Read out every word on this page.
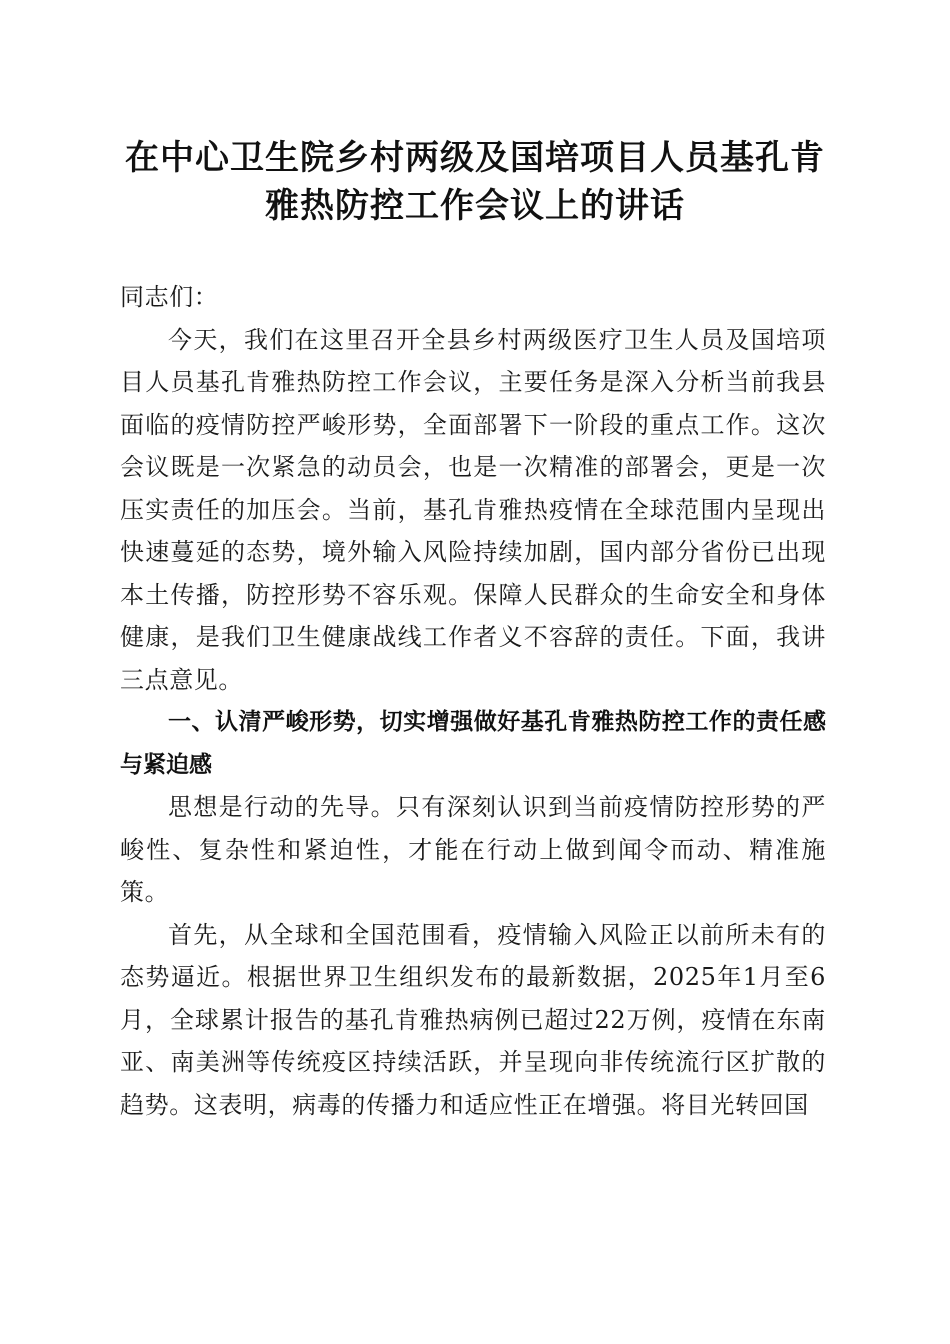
在中心卫生院乡村两级及国培项目人员基孔肯雅热防控工作会议上的讲话

同志们：

今天，我们在这里召开全县乡村两级医疗卫生人员及国培项目人员基孔肯雅热防控工作会议，主要任务是深入分析当前我县面临的疫情防控严峻形势，全面部署下一阶段的重点工作。这次会议既是一次紧急的动员会，也是一次精准的部署会，更是一次压实责任的加压会。当前，基孔肯雅热疫情在全球范围内呈现出快速蔓延的态势，境外输入风险持续加剧，国内部分省份已出现本土传播，防控形势不容乐观。保障人民群众的生命安全和身体健康，是我们卫生健康战线工作者义不容辞的责任。下面，我讲三点意见。

一、认清严峻形势，切实增强做好基孔肯雅热防控工作的责任感与紧迫感

思想是行动的先导。只有深刻认识到当前疫情防控形势的严峻性、复杂性和紧迫性，才能在行动上做到闻令而动、精准施策。

首先，从全球和全国范围看，疫情输入风险正以前所未有的态势逼近。根据世界卫生组织发布的最新数据，2025年1月至6月，全球累计报告的基孔肯雅热病例已超过22万例，疫情在东南亚、南美洲等传统疫区持续活跃，并呈现向非传统流行区扩散的趋势。这表明，病毒的传播力和适应性正在增强。将目光转回国
